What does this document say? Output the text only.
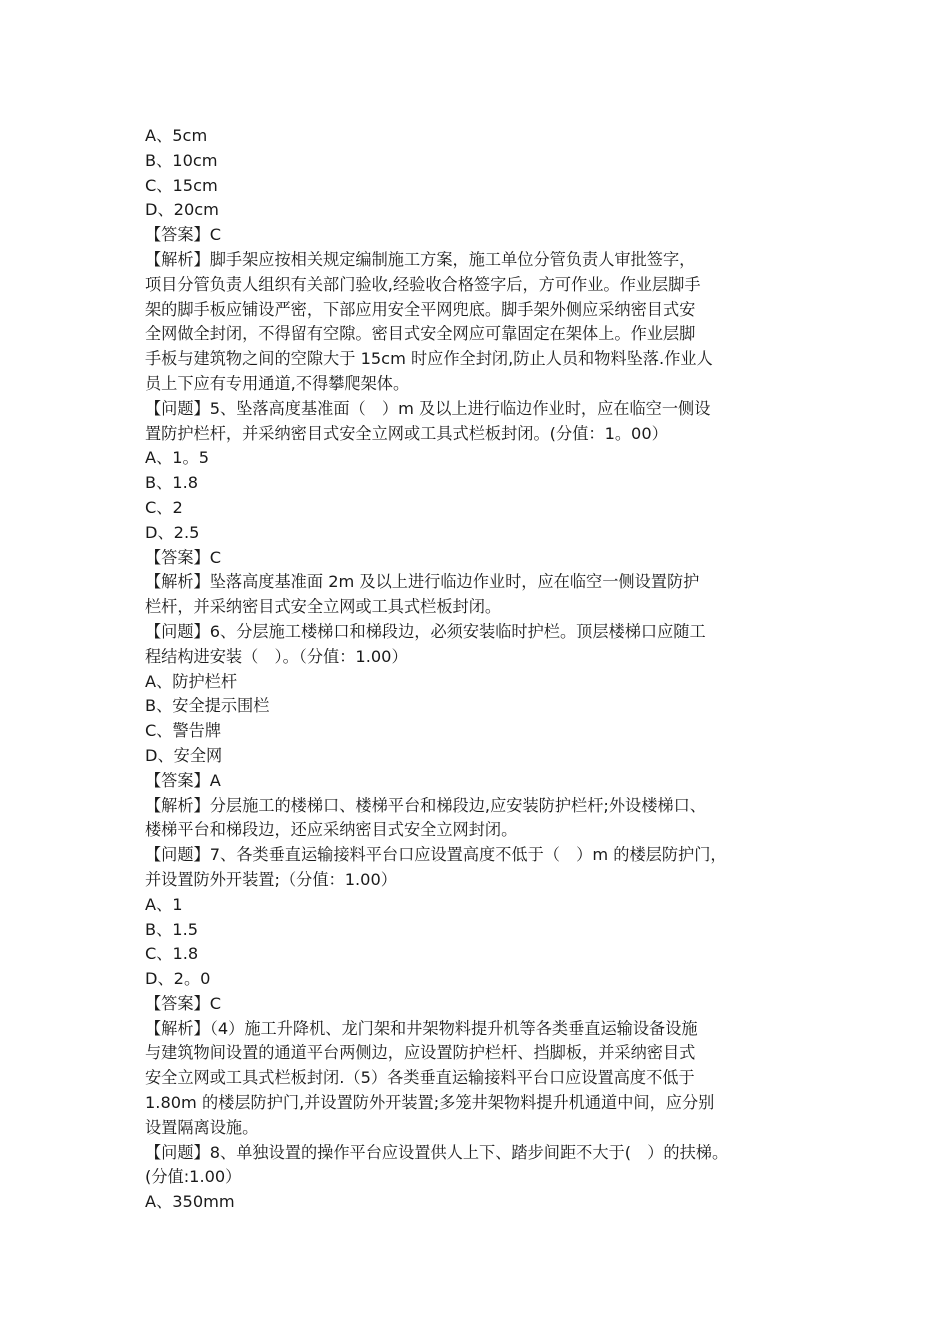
A、5cm
B、10cm
C、15cm
D、20cm
【答案】C
【解析】脚手架应按相关规定编制施工方案，施工单位分管负责人审批签字，
项目分管负责人组织有关部门验收,经验收合格签字后，方可作业。作业层脚手
架的脚手板应铺设严密，下部应用安全平网兜底。脚手架外侧应采纳密目式安
全网做全封闭，不得留有空隙。密目式安全网应可靠固定在架体上。作业层脚
手板与建筑物之间的空隙大于 15cm 时应作全封闭,防止人员和物料坠落.作业人
员上下应有专用通道,不得攀爬架体。
【问题】5、坠落高度基准面（　）m 及以上进行临边作业时，应在临空一侧设
置防护栏杆，并采纳密目式安全立网或工具式栏板封闭。(分值：1。00）
A、1。5
B、1.8
C、2
D、2.5
【答案】C
【解析】坠落高度基准面 2m 及以上进行临边作业时，应在临空一侧设置防护
栏杆，并采纳密目式安全立网或工具式栏板封闭。
【问题】6、分层施工楼梯口和梯段边，必须安装临时护栏。顶层楼梯口应随工
程结构进安装（　）。（分值：1.00）
A、防护栏杆
B、安全提示围栏
C、警告牌
D、安全网
【答案】A
【解析】分层施工的楼梯口、楼梯平台和梯段边,应安装防护栏杆;外设楼梯口、
楼梯平台和梯段边，还应采纳密目式安全立网封闭。
【问题】7、各类垂直运输接料平台口应设置高度不低于（　）m 的楼层防护门，
并设置防外开装置;（分值：1.00）
A、1
B、1.5
C、1.8
D、2。0
【答案】C
【解析】（4）施工升降机、龙门架和井架物料提升机等各类垂直运输设备设施
与建筑物间设置的通道平台两侧边，应设置防护栏杆、挡脚板，并采纳密目式
安全立网或工具式栏板封闭.（5）各类垂直运输接料平台口应设置高度不低于
1.80m 的楼层防护门,并设置防外开装置;多笼井架物料提升机通道中间，应分别
设置隔离设施。
【问题】8、单独设置的操作平台应设置供人上下、踏步间距不大于(　）的扶梯。
(分值:1.00）
A、350mm
